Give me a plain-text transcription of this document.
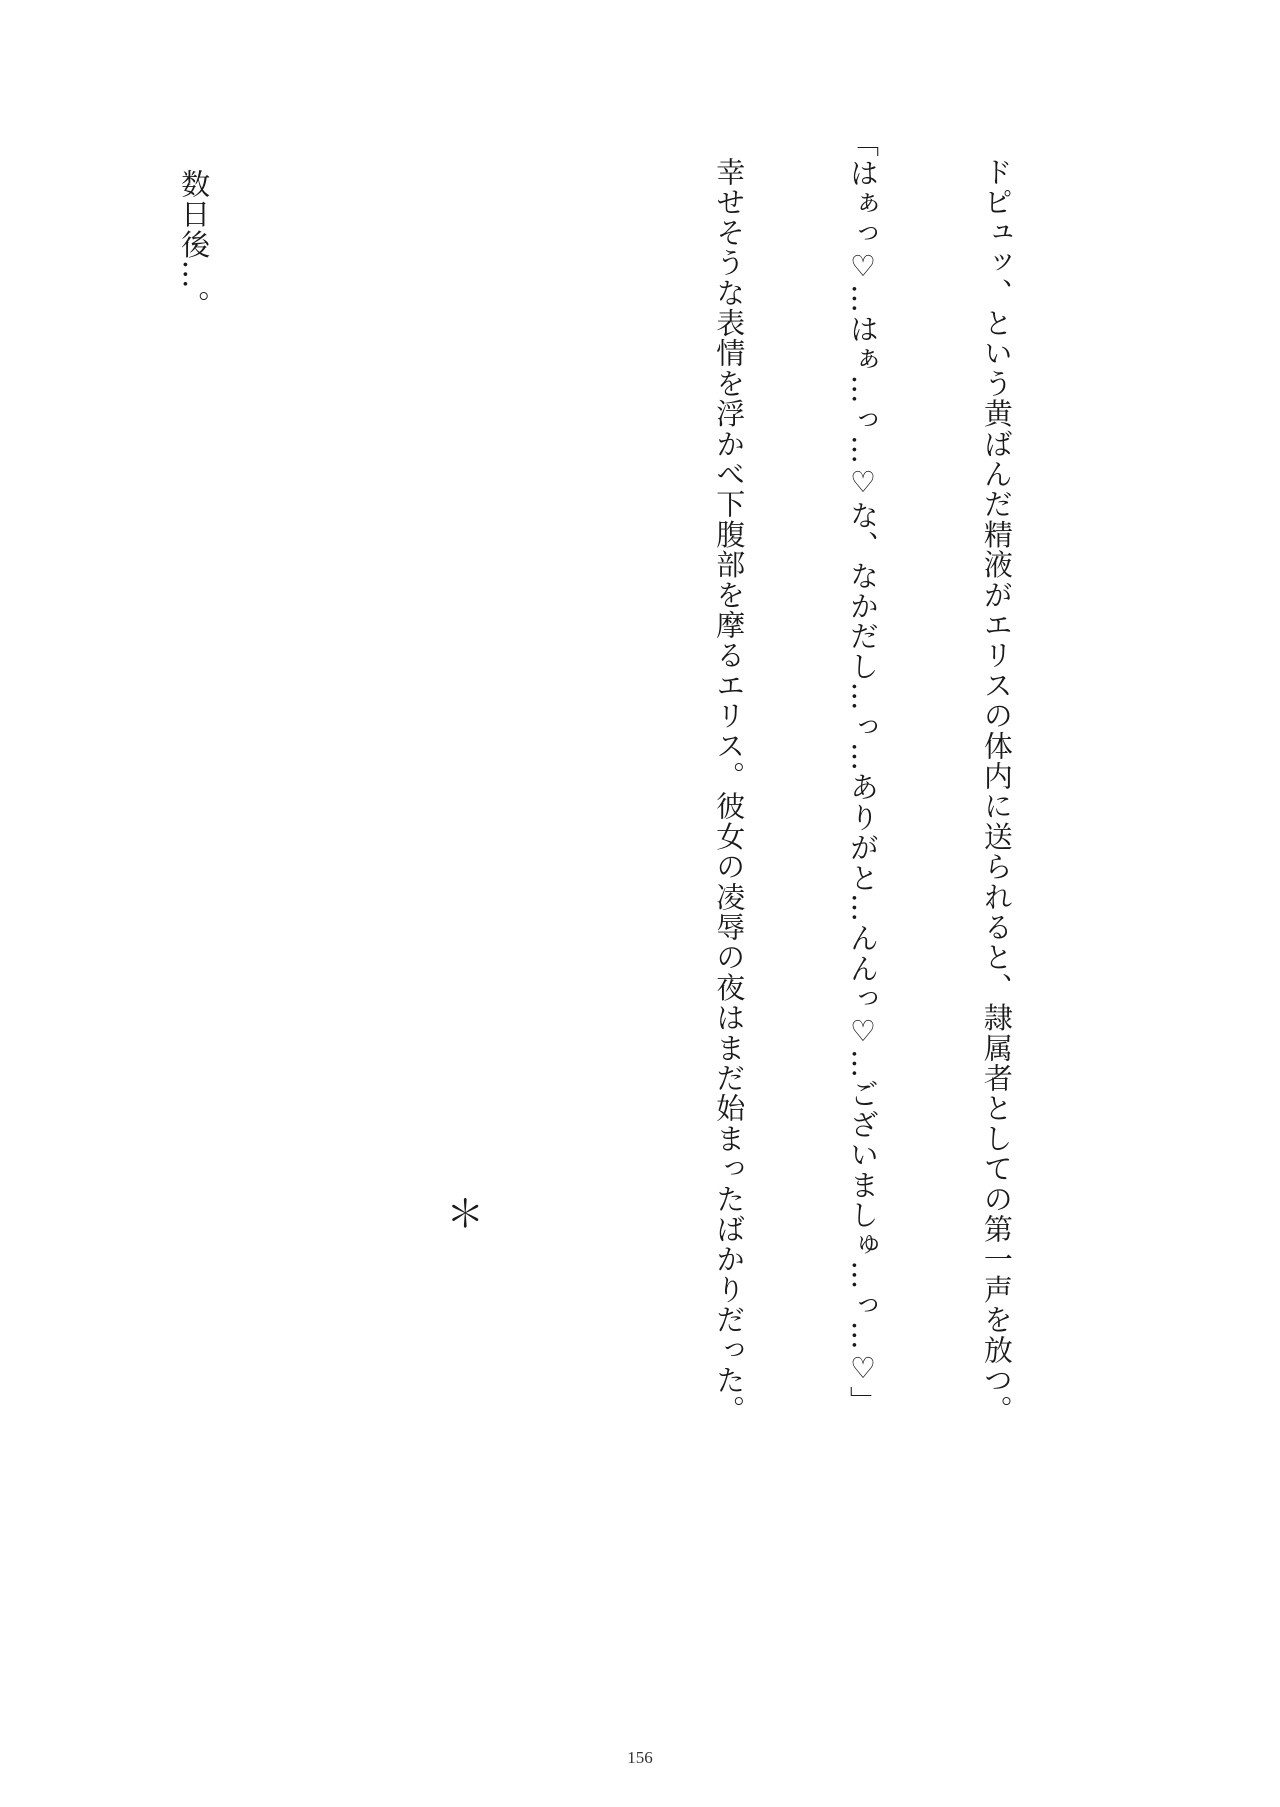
ドピュッ、という黄ばんだ精液がエリスの体内に送られると、隷属者としての第一声を放つ。

「はぁっ♡…はぁ…っ…♡な、なかだし…っ…ありがと…んんっ♡…ございましゅ…っ…♡」

幸せそうな表情を浮かべ下腹部を摩るエリス。彼女の凌辱の夜はまだ始まったばかりだった。

＊

数日後…。

156
